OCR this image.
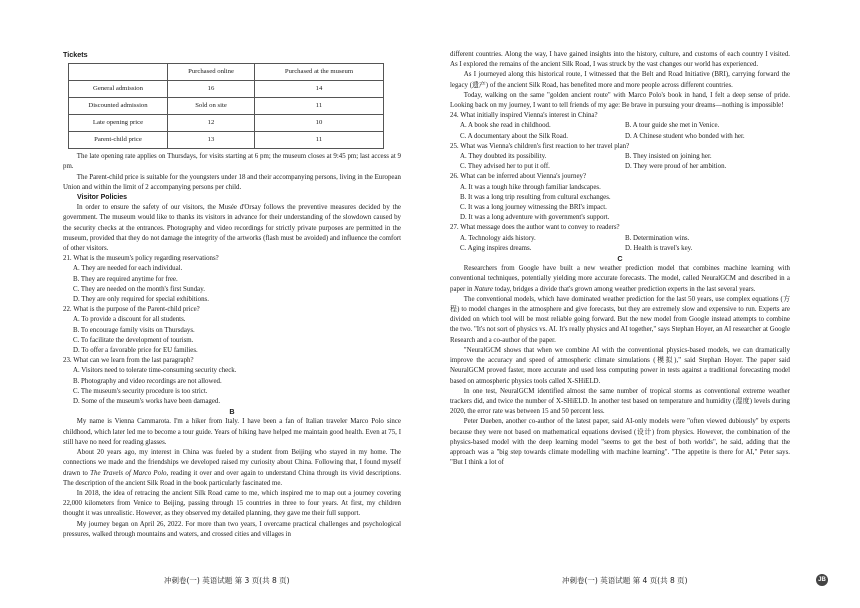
Tickets
	Purchased online	Purchased at the museum
General admission	16	14
Discounted admission	Sold on site	11
Late opening price	12	10
Parent-child price	13	11

The late opening rate applies on Thursdays, for visits starting at 6 pm; the museum closes at 9:45 pm; last access at 9 pm.

The Parent-child price is suitable for the youngsters under 18 and their accompanying persons, living in the European Union and within the limit of 2 accompanying persons per child.

Visitor Policies

In order to ensure the safety of our visitors, the Musée d'Orsay follows the preventive measures decided by the government. The museum would like to thanks its visitors in advance for their understanding of the slowdown caused by the security checks at the entrances. Photography and video recordings for strictly private purposes are permitted in the museum, provided that they do not damage the integrity of the artworks (flash must be avoided) and influence the comfort of other visitors.

21. What is the museum's policy regarding reservations?

A. They are needed for each individual.

B. They are required anytime for free.

C. They are needed on the month's first Sunday.

D. They are only required for special exhibitions.

22. What is the purpose of the Parent-child price?

A. To provide a discount for all students.

B. To encourage family visits on Thursdays.

C. To facilitate the development of tourism.

D. To offer a favorable price for EU families.

23. What can we learn from the last paragraph?

A. Visitors need to tolerate time-consuming security check.

B. Photography and video recordings are not allowed.

C. The museum's security procedure is too strict.

D. Some of the museum's works have been damaged.

B

My name is Vienna Cammarota. I'm a hiker from Italy. I have been a fan of Italian traveler Marco Polo since childhood, which later led me to become a tour guide. Years of hiking have helped me maintain good health. Even at 75, I still have no need for reading glasses.

About 20 years ago, my interest in China was fueled by a student from Beijing who stayed in my home. The connections we made and the friendships we developed raised my curiosity about China. Following that, I found myself drawn to The Travels of Marco Polo, reading it over and over again to understand China through its vivid descriptions. The description of the ancient Silk Road in the book particularly fascinated me.

In 2018, the idea of retracing the ancient Silk Road came to me, which inspired me to map out a journey covering 22,000 kilometers from Venice to Beijing, passing through 15 countries in three to four years. At first, my children thought it was unrealistic. However, as they observed my detailed planning, they gave me their full support.

My journey began on April 26, 2022. For more than two years, I overcame practical challenges and psychological pressures, walked through mountains and waters, and crossed cities and villages in

different countries. Along the way, I have gained insights into the history, culture, and customs of each country I visited. As I explored the remains of the ancient Silk Road, I was struck by the vast changes our world has experienced.

As I journeyed along this historical route, I witnessed that the Belt and Road Initiative (BRI), carrying forward the legacy (遗产) of the ancient Silk Road, has benefited more and more people across different countries.

Today, walking on the same "golden ancient route" with Marco Polo's book in hand, I felt a deep sense of pride. Looking back on my journey, I want to tell friends of my age: Be brave in pursuing your dreams—nothing is impossible!

24. What initially inspired Vienna's interest in China?

A. A book she read in childhood.	B. A tour guide she met in Venice.
C. A documentary about the Silk Road.	D. A Chinese student who bonded with her.

25. What was Vienna's children's first reaction to her travel plan?

A. They doubted its possibility.	B. They insisted on joining her.
C. They advised her to put it off.	D. They were proud of her ambition.

26. What can be inferred about Vienna's journey?

A. It was a tough hike through familiar landscapes.

B. It was a long trip resulting from cultural exchanges.

C. It was a long journey witnessing the BRI's impact.

D. It was a long adventure with government's support.

27. What message does the author want to convey to readers?

A. Technology aids history.	B. Determination wins.
C. Aging inspires dreams.	D. Health is travel's key.
C

Researchers from Google have built a new weather prediction model that combines machine learning with conventional techniques, potentially yielding more accurate forecasts. The model, called NeuralGCM and described in a paper in Nature today, bridges a divide that's grown among weather prediction experts in the last several years.

The conventional models, which have dominated weather prediction for the last 50 years, use complex equations (方程) to model changes in the atmosphere and give forecasts, but they are extremely slow and expensive to run. Experts are divided on which tool will be most reliable going forward. But the new model from Google instead attempts to combine the two. "It's not sort of physics vs. AI. It's really physics and AI together," says Stephan Hoyer, an AI researcher at Google Research and a co-author of the paper.

"NeuralGCM shows that when we combine AI with the conventional physics-based models, we can dramatically improve the accuracy and speed of atmospheric climate simulations (模拟)," said Stephan Hoyer. The paper said NeuralGCM proved faster, more accurate and used less computing power in tests against a traditional forecasting model based on atmospheric physics tools called X-SHiELD.

In one test, NeuralGCM identified almost the same number of tropical storms as conventional extreme weather trackers did, and twice the number of X-SHiELD. In another test based on temperature and humidity (湿度) levels during 2020, the error rate was between 15 and 50 percent less.

Peter Dueben, another co-author of the latest paper, said AI-only models were "often viewed dubiously" by experts because they were not based on mathematical equations devised (设计) from physics. However, the combination of the physics-based model with the deep learning model "seems to get the best of both worlds", he said, adding that the approach was a "big step towards climate modelling with machine learning". "The appetite is there for AI," Peter says. "But I think a lot of

冲刺卷(一) 英语试题 第 3 页(共 8 页)	冲刺卷(一) 英语试题 第 4 页(共 8 页)	JB
